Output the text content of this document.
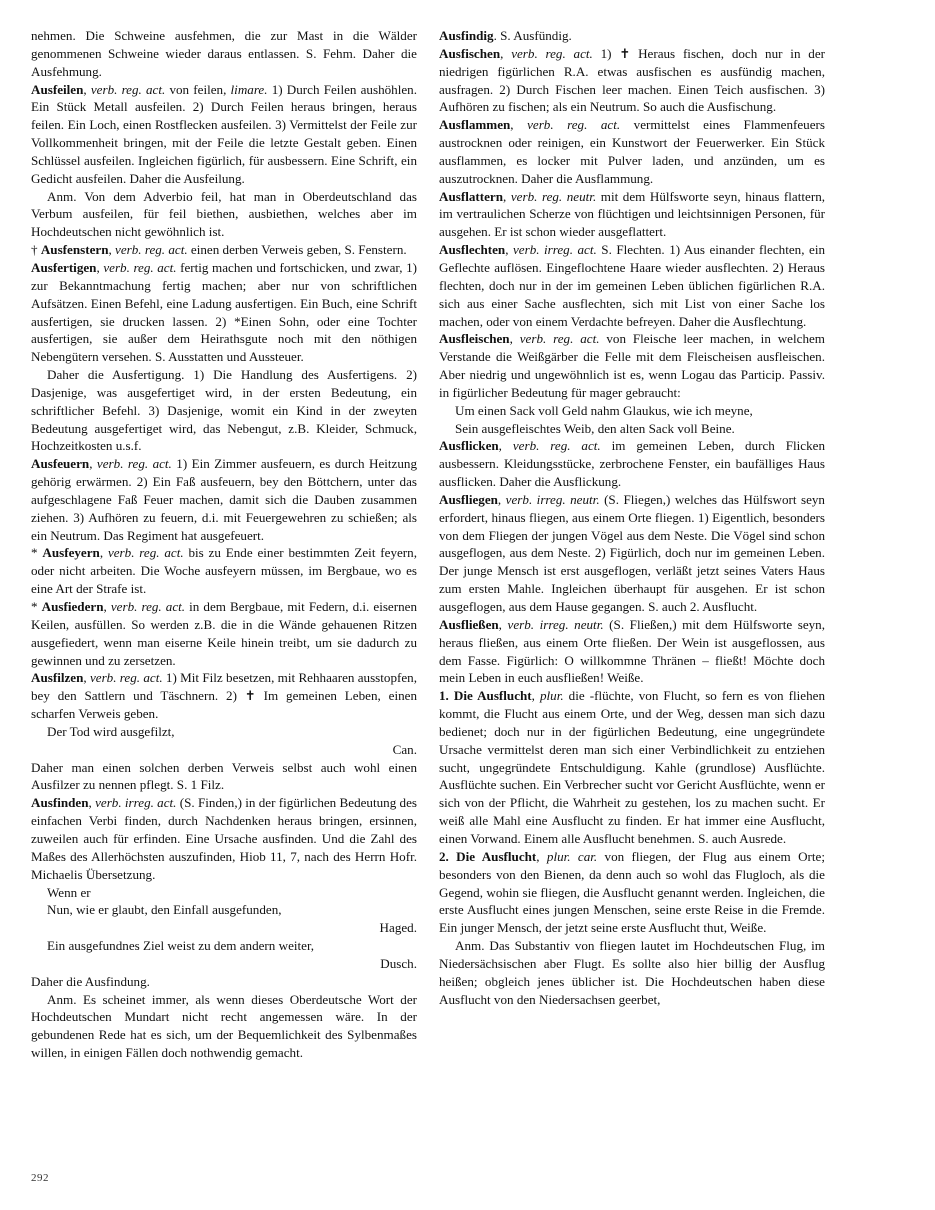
nehmen. Die Schweine ausfehmen, die zur Mast in die Wälder genommenen Schweine wieder daraus entlassen. S. Fehm. Daher die Ausfehmung.
Ausfeilen, verb. reg. act. von feilen, limare. 1) Durch Feilen aushöhlen. Ein Stück Metall ausfeilen. 2) Durch Feilen heraus bringen, heraus feilen. Ein Loch, einen Rostflecken ausfeilen. 3) Vermittelst der Feile zur Vollkommenheit bringen, mit der Feile die letzte Gestalt geben. Einen Schlüssel ausfeilen. Ingleichen figürlich, für ausbessern. Eine Schrift, ein Gedicht ausfeilen. Daher die Ausfeilung.
Anm. Von dem Adverbio feil, hat man in Oberdeutschland das Verbum ausfeilen, für feil biethen, ausbiethen, welches aber im Hochdeutschen nicht gewöhnlich ist.
† Ausfenstern, verb. reg. act. einen derben Verweis geben, S. Fenstern.
Ausfertigen, verb. reg. act. fertig machen und fortschicken, und zwar, 1) zur Bekanntmachung fertig machen; aber nur von schriftlichen Aufsätzen. Einen Befehl, eine Ladung ausfertigen. Ein Buch, eine Schrift ausfertigen, sie drucken lassen. 2) *Einen Sohn, oder eine Tochter ausfertigen, sie außer dem Heirathsgute noch mit den nöthigen Nebengütern versehen. S. Ausstatten und Aussteuer.
Daher die Ausfertigung. 1) Die Handlung des Ausfertigens. 2) Dasjenige, was ausgefertiget wird, in der ersten Bedeutung, ein schriftlicher Befehl. 3) Dasjenige, womit ein Kind in der zweyten Bedeutung ausgefertiget wird, das Nebengut, z.B. Kleider, Schmuck, Hochzeitkosten u.s.f.
Ausfeuern, verb. reg. act. 1) Ein Zimmer ausfeuern, es durch Heitzung gehörig erwärmen. 2) Ein Faß ausfeuern, bey den Böttchern, unter das aufgeschlagene Faß Feuer machen, damit sich die Dauben zusammen ziehen. 3) Aufhören zu feuern, d.i. mit Feuergewehren zu schießen; als ein Neutrum. Das Regiment hat ausgefeuert.
* Ausfeyern, verb. reg. act. bis zu Ende einer bestimmten Zeit feyern, oder nicht arbeiten. Die Woche ausfeyern müssen, im Bergbaue, wo es eine Art der Strafe ist.
* Ausfiedern, verb. reg. act. in dem Bergbaue, mit Federn, d.i. eisernen Keilen, ausfüllen. So werden z.B. die in die Wände gehauenen Ritzen ausgefiedert, wenn man eiserne Keile hinein treibt, um sie dadurch zu gewinnen und zu zersetzen.
Ausfilzen, verb. reg. act. 1) Mit Filz besetzen, mit Rehhaaren ausstopfen, bey den Sattlern und Täschnern. 2) ✝ Im gemeinen Leben, einen scharfen Verweis geben.
Der Tod wird ausgefilzt,
Can.
Daher man einen solchen derben Verweis selbst auch wohl einen Ausfilzer zu nennen pflegt. S. 1 Filz.
Ausfinden, verb. irreg. act. (S. Finden,) in der figürlichen Bedeutung des einfachen Verbi finden, durch Nachdenken heraus bringen, ersinnen, zuweilen auch für erfinden. Eine Ursache ausfinden. Und die Zahl des Maßes des Allerhöchsten auszufinden, Hiob 11, 7, nach des Herrn Hofr. Michaelis Übersetzung.
Wenn er
Nun, wie er glaubt, den Einfall ausgefunden,
Haged.
Ein ausgefundnes Ziel weist zu dem andern weiter,
Dusch.
Daher die Ausfindung.
Anm. Es scheinet immer, als wenn dieses Oberdeutsche Wort der Hochdeutschen Mundart nicht recht angemessen wäre. In der gebundenen Rede hat es sich, um der Bequemlichkeit des Sylbenmaßes willen, in einigen Fällen doch nothwendig gemacht.
Ausfindig. S. Ausfündig.
Ausfischen, verb. reg. act. 1) ✝ Heraus fischen, doch nur in der niedrigen figürlichen R.A. etwas ausfischen es ausfündig machen, ausfragen. 2) Durch Fischen leer machen. Einen Teich ausfischen. 3) Aufhören zu fischen; als ein Neutrum. So auch die Ausfischung.
Ausflammen, verb. reg. act. vermittelst eines Flammenfeuers austrocknen oder reinigen, ein Kunstwort der Feuerwerker. Ein Stück ausflammen, es locker mit Pulver laden, und anzünden, um es auszutrocknen. Daher die Ausflammung.
Ausflattern, verb. reg. neutr. mit dem Hülfsworte seyn, hinaus flattern, im vertraulichen Scherze von flüchtigen und leichtsinnigen Personen, für ausgehen. Er ist schon wieder ausgeflattert.
Ausflechten, verb. irreg. act. S. Flechten. 1) Aus einander flechten, ein Geflechte auflösen. Eingeflochtene Haare wieder ausflechten. 2) Heraus flechten, doch nur in der im gemeinen Leben üblichen figürlichen R.A. sich aus einer Sache ausflechten, sich mit List von einer Sache los machen, oder von einem Verdachte befreyen. Daher die Ausflechtung.
Ausfleischen, verb. reg. act. von Fleische leer machen, in welchem Verstande die Weißgärber die Felle mit dem Fleischeisen ausfleischen. Aber niedrig und ungewöhnlich ist es, wenn Logau das Particip. Passiv. in figürlicher Bedeutung für mager gebraucht:
Um einen Sack voll Geld nahm Glaukus, wie ich meyne,
Sein ausgefleischtes Weib, den alten Sack voll Beine.
Ausflicken, verb. reg. act. im gemeinen Leben, durch Flicken ausbessern. Kleidungsstücke, zerbrochene Fenster, ein baufälliges Haus ausflicken. Daher die Ausflickung.
Ausfliegen, verb. irreg. neutr. (S. Fliegen,) welches das Hülfswort seyn erfordert, hinaus fliegen, aus einem Orte fliegen. 1) Eigentlich, besonders von dem Fliegen der jungen Vögel aus dem Neste. Die Vögel sind schon ausgeflogen, aus dem Neste. 2) Figürlich, doch nur im gemeinen Leben. Der junge Mensch ist erst ausgeflogen, verläßt jetzt seines Vaters Haus zum ersten Mahle. Ingleichen überhaupt für ausgehen. Er ist schon ausgeflogen, aus dem Hause gegangen. S. auch 2. Ausflucht.
Ausfließen, verb. irreg. neutr. (S. Fließen,) mit dem Hülfsworte seyn, heraus fließen, aus einem Orte fließen. Der Wein ist ausgeflossen, aus dem Fasse. Figürlich: O willkommne Thränen – fließt! Möchte doch mein Leben in euch ausfließen! Weiße.
1. Die Ausflucht, plur. die -flüchte, von Flucht, so fern es von fliehen kommt, die Flucht aus einem Orte, und der Weg, dessen man sich dazu bedienet; doch nur in der figürlichen Bedeutung, eine ungegründete Ursache vermittelst deren man sich einer Verbindlichkeit zu entziehen sucht, ungegründete Entschuldigung. Kahle (grundlose) Ausflüchte. Ausflüchte suchen. Ein Verbrecher sucht vor Gericht Ausflüchte, wenn er sich von der Pflicht, die Wahrheit zu gestehen, los zu machen sucht. Er weiß alle Mahl eine Ausflucht zu finden. Er hat immer eine Ausflucht, einen Vorwand. Einem alle Ausflucht benehmen. S. auch Ausrede.
2. Die Ausflucht, plur. car. von fliegen, der Flug aus einem Orte; besonders von den Bienen, da denn auch so wohl das Flugloch, als die Gegend, wohin sie fliegen, die Ausflucht genannt werden. Ingleichen, die erste Ausflucht eines jungen Menschen, seine erste Reise in die Fremde. Ein junger Mensch, der jetzt seine erste Ausflucht thut, Weiße.
Anm. Das Substantiv von fliegen lautet im Hochdeutschen Flug, im Niedersächsischen aber Flugt. Es sollte also hier billig der Ausflug heißen; obgleich jenes üblicher ist. Die Hochdeutschen haben diese Ausflucht von den Niedersachsen geerbet,
292
